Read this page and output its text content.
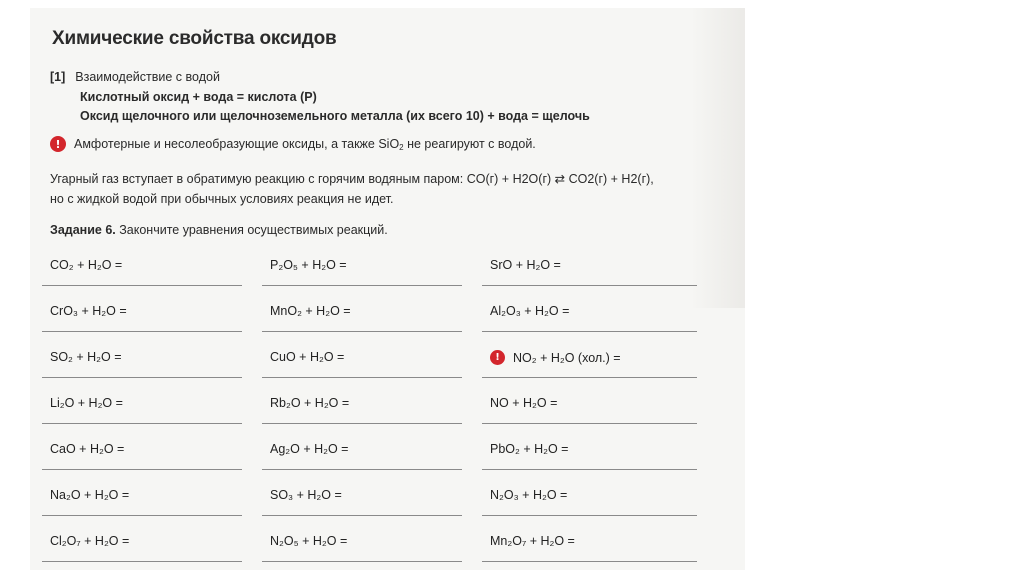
Химические свойства оксидов
[1] Взаимодействие с водой
Кислотный оксид + вода = кислота (Р)
Оксид щелочного или щелочноземельного металла (их всего 10) + вода = щелочь
!	Амфотерные и несолеобразующие оксиды, а также SiO$_2$ не реагируют с водой.
Угарный газ вступает в обратимую реакцию с горячим водяным паром: CO(г) + H2O(г) ⇄ CO2(г) + H2(г),
но с жидкой водой при обычных условиях реакция не идет.
Задание 6. Закончите уравнения осуществимых реакций.
CO₂ + H₂O =	P₂O₅ + H₂O =	SrO + H₂O =
CrO₃ + H₂O =	MnO₂ + H₂O =	Al₂O₃ + H₂O =
SO₂ + H₂O =	CuO + H₂O =	!	NO₂ + H₂O (хол.) =
Li₂O + H₂O =	Rb₂O + H₂O =	NO + H₂O =
CaO + H₂O =	Ag₂O + H₂O =	PbO₂ + H₂O =
Na₂O + H₂O =	SO₃ + H₂O =	N₂O₃ + H₂O =
Cl₂O₇ + H₂O =	N₂O₅ + H₂O =	Mn₂O₇ + H₂O =
